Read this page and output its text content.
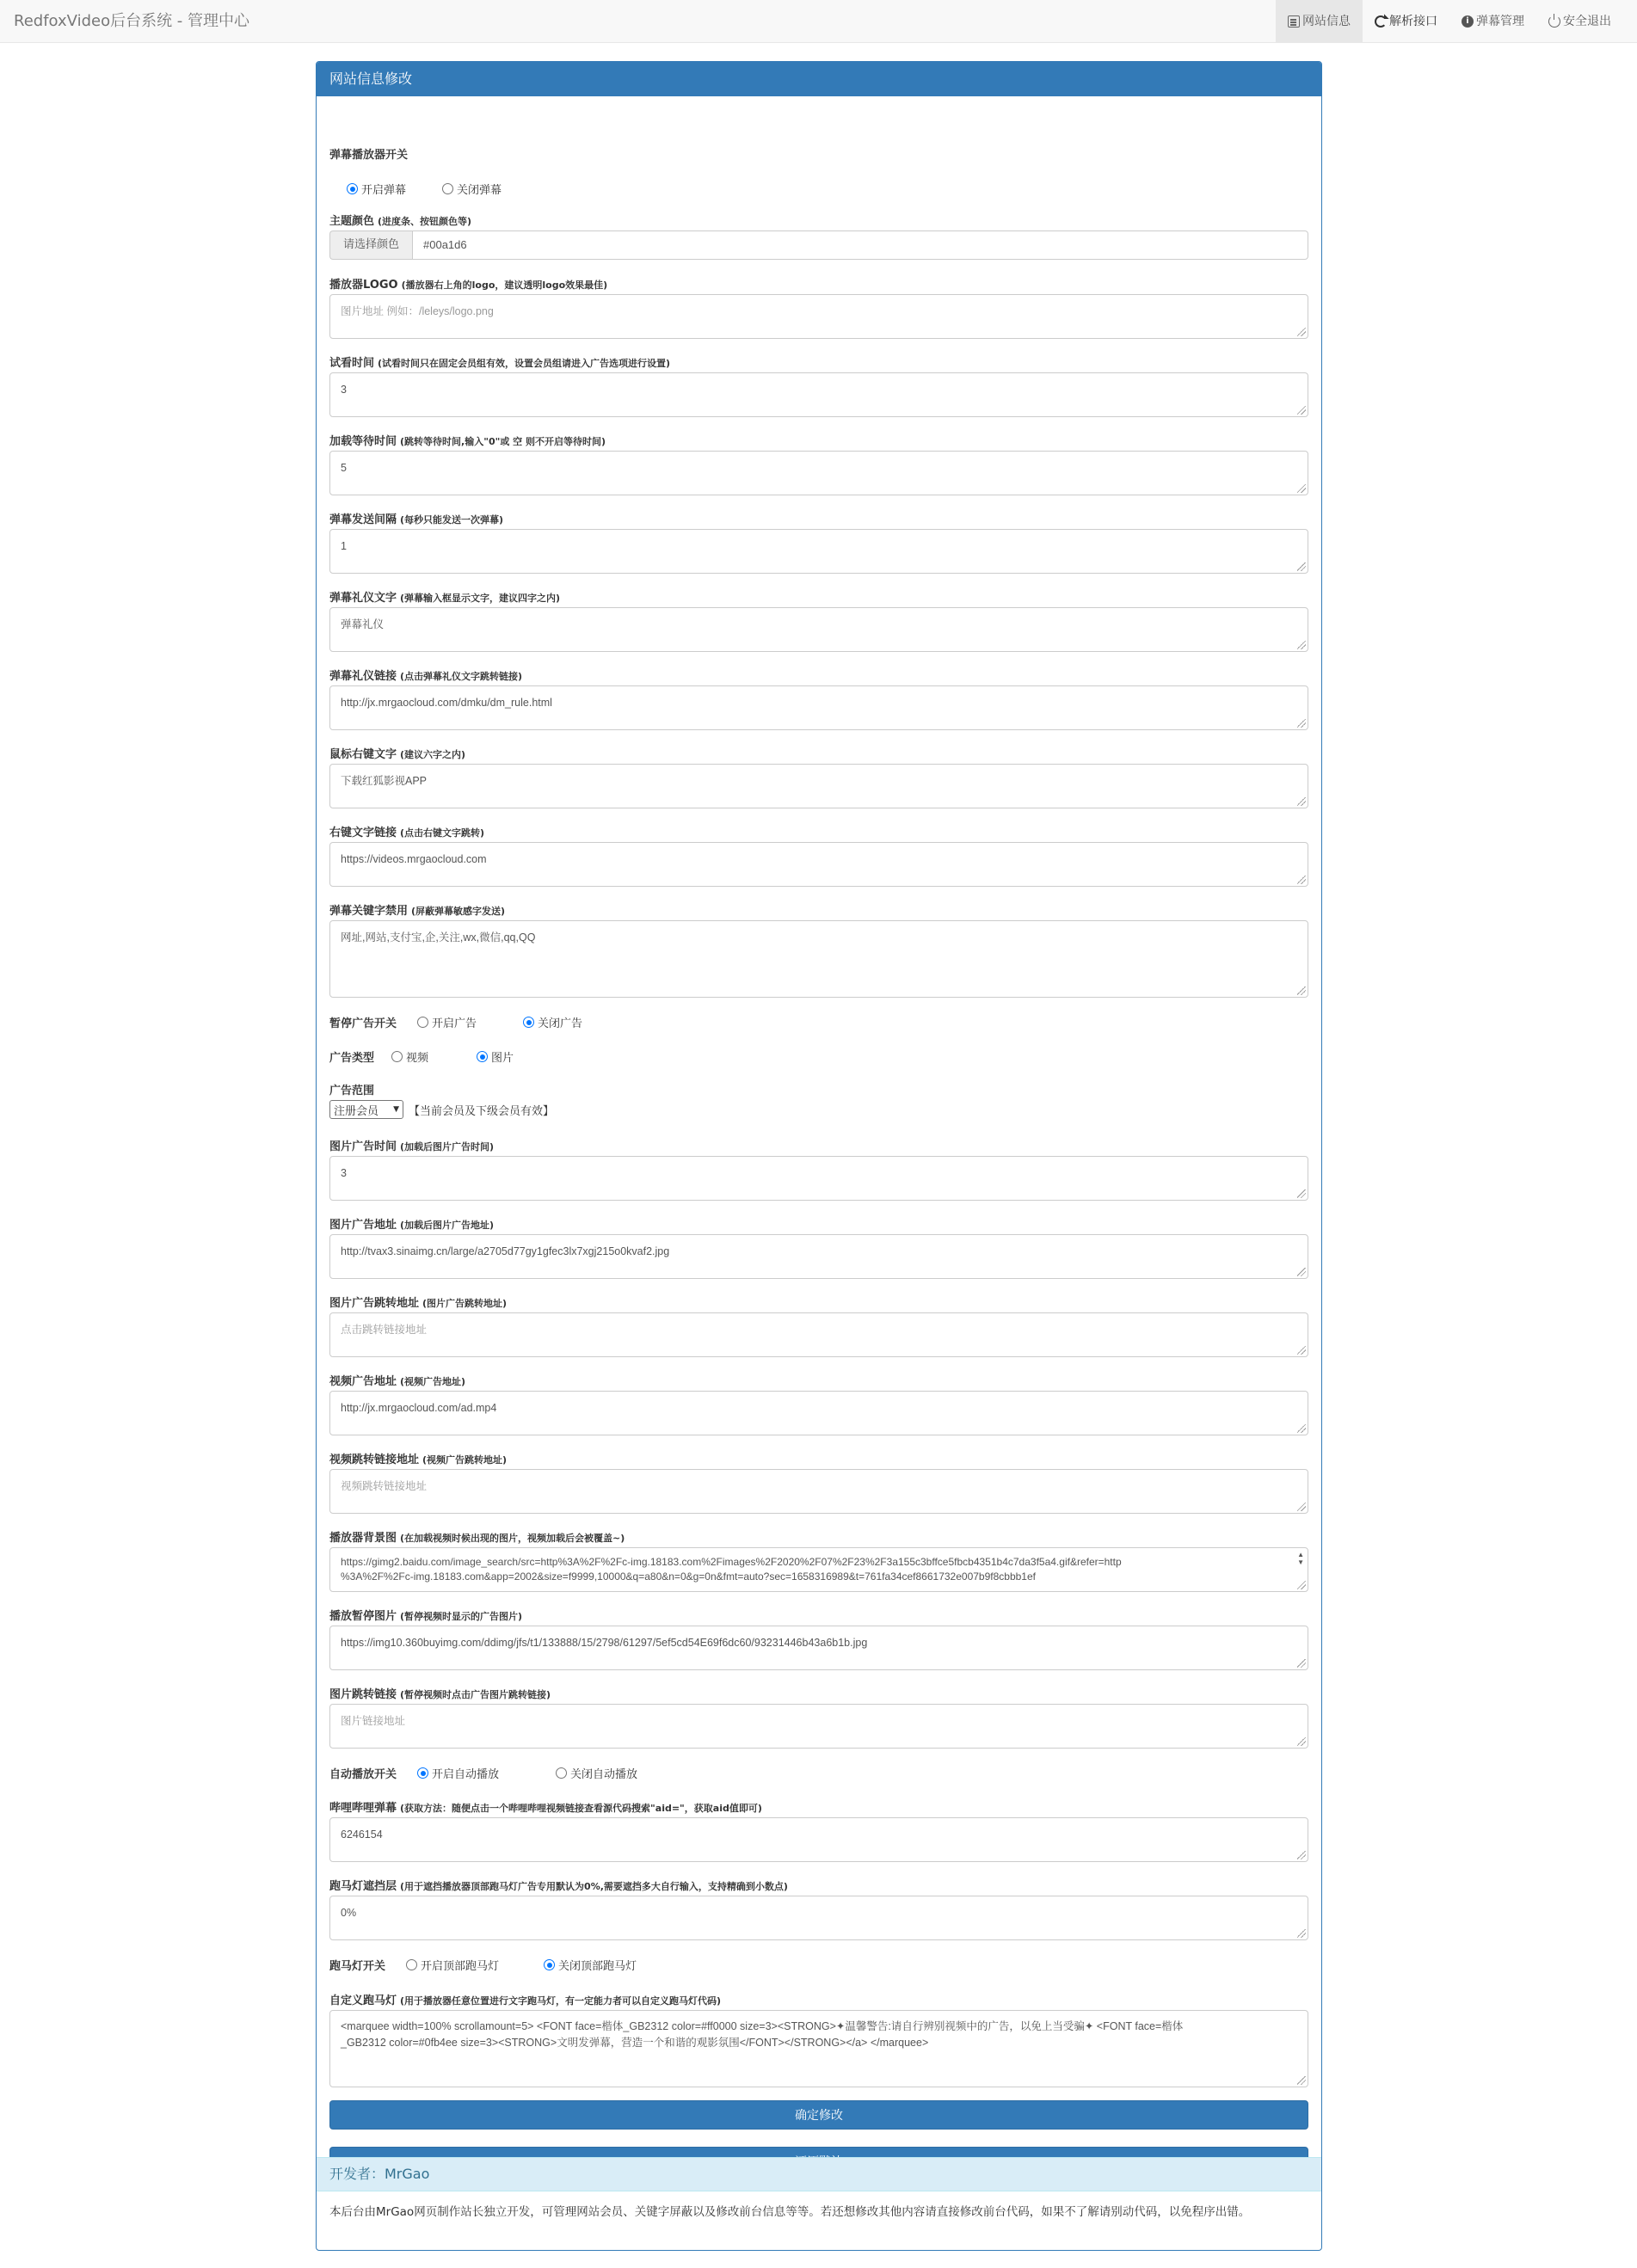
RedfoxVideo后台系统 - 管理中心	网站信息	解析接口	i 弹幕管理	安全退出
网站信息修改
弹幕播放器开关
开启弹幕	关闭弹幕
主题颜色 (进度条、按钮颜色等)
请选择颜色	#00a1d6
播放器LOGO (播放器右上角的logo，建议透明logo效果最佳)
图片地址 例如：/leleys/logo.png
试看时间 (试看时间只在固定会员组有效，设置会员组请进入广告选项进行设置)
3
加载等待时间 (跳转等待时间,输入"0"或 空 则不开启等待时间)
5
弹幕发送间隔 (每秒只能发送一次弹幕)
1
弹幕礼仪文字 (弹幕输入框显示文字，建议四字之内)
弹幕礼仪
弹幕礼仪链接 (点击弹幕礼仪文字跳转链接)
http://jx.mrgaocloud.com/dmku/dm_rule.html
鼠标右键文字 (建议六字之内)
下载红狐影视APP
右键文字链接 (点击右键文字跳转)
https://videos.mrgaocloud.com
弹幕关键字禁用 (屏蔽弹幕敏感字发送)
网址,网站,支付宝,企,关注,wx,微信,qq,QQ
暂停广告开关	开启广告	关闭广告
广告类型	视频	图片
广告范围
注册会员 ▼ 【当前会员及下级会员有效】
图片广告时间 (加载后图片广告时间)
3
图片广告地址 (加载后图片广告地址)
http://tvax3.sinaimg.cn/large/a2705d77gy1gfec3lx7xgj215o0kvaf2.jpg
图片广告跳转地址 (图片广告跳转地址)
点击跳转链接地址
视频广告地址 (视频广告地址)
http://jx.mrgaocloud.com/ad.mp4
视频跳转链接地址 (视频广告跳转地址)
视频跳转链接地址
播放器背景图 (在加载视频时候出现的图片，视频加载后会被覆盖~)
https://gimg2.baidu.com/image_search/src=http%3A%2F%2Fc-img.18183.com%2Fimages%2F2020%2F07%2F23%2F3a155c3bffce5fbcb4351b4c7da3f5a4.gif&refer=http
%3A%2F%2Fc-img.18183.com&app=2002&size=f9999,10000&q=a80&n=0&g=0n&fmt=auto?sec=1658316989&t=761fa34cef8661732e007b9f8cbbb1ef
▲
▼
播放暂停图片 (暂停视频时显示的广告图片)
https://img10.360buyimg.com/ddimg/jfs/t1/133888/15/2798/61297/5ef5cd54E69f6dc60/93231446b43a6b1b.jpg
图片跳转链接 (暂停视频时点击广告图片跳转链接)
图片链接地址
自动播放开关	开启自动播放	关闭自动播放
哔哩哔哩弹幕 (获取方法：随便点击一个哔哩哔哩视频链接查看源代码搜索"aid="，获取aid值即可)
6246154
跑马灯遮挡层 (用于遮挡播放器顶部跑马灯广告专用默认为0%,需要遮挡多大自行输入，支持精确到小数点)
0%
跑马灯开关	开启顶部跑马灯	关闭顶部跑马灯
自定义跑马灯 (用于播放器任意位置进行文字跑马灯，有一定能力者可以自定义跑马灯代码)
<marquee width=100% scrollamount=5> <FONT face=楷体_GB2312 color=#ff0000 size=3><STRONG>✦温馨警告:请自行辨别视频中的广告，以免上当受骗✦ <FONT face=楷体
_GB2312 color=#0fb4ee size=3><STRONG>文明发弹幕，营造一个和谐的观影氛围</FONT></STRONG></a> </marquee>
确定修改
开发者：MrGao
本后台由MrGao网页制作站长独立开发，可管理网站会员、关键字屏蔽以及修改前台信息等等。若还想修改其他内容请直接修改前台代码，如果不了解请别动代码，以免程序出错。
